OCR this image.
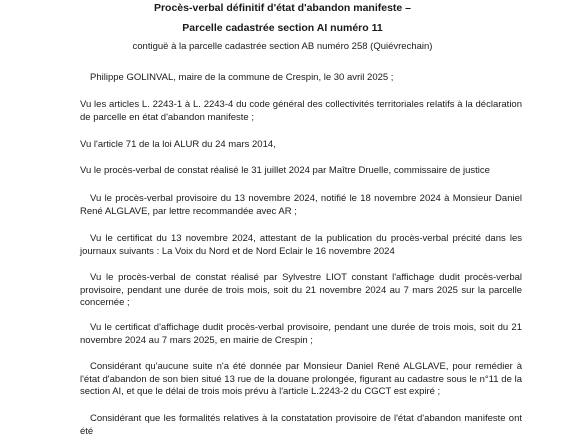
Procès-verbal définitif d'état d'abandon manifeste –
Parcelle cadastrée section AI numéro 11
contiguë à la parcelle cadastrée section AB numéro 258 (Quiévrechain)
Philippe GOLINVAL, maire de la commune de Crespin, le 30 avril 2025 ;
Vu les articles L. 2243-1 à L. 2243-4 du code général des collectivités territoriales relatifs à la déclaration de parcelle en état d'abandon manifeste ;
Vu l'article 71 de la loi ALUR du 24 mars 2014,
Vu le procès-verbal de constat réalisé le 31 juillet 2024 par Maître Druelle, commissaire de justice
Vu le procès-verbal provisoire du 13 novembre 2024, notifié le 18 novembre 2024 à Monsieur Daniel René ALGLAVE, par lettre recommandée avec AR ;
Vu le certificat du 13 novembre 2024, attestant de la publication du procès-verbal précité dans les journaux suivants : La Voix du Nord et de Nord Eclair le 16 novembre 2024
Vu le procès-verbal de constat réalisé par Sylvestre LIOT constant l'affichage dudit procès-verbal provisoire, pendant une durée de trois mois, soit du 21 novembre 2024 au 7 mars 2025 sur la parcelle concernée ;
Vu le certificat d'affichage dudit procès-verbal provisoire, pendant une durée de trois mois, soit du 21 novembre 2024 au 7 mars 2025, en mairie de Crespin ;
Considérant qu'aucune suite n'a été donnée par Monsieur Daniel René ALGLAVE, pour remédier à l'état d'abandon de son bien situé 13 rue de la douane prolongée, figurant au cadastre sous le n°11 de la section AI, et que le délai de trois mois prévu à l'article L.2243-2 du CGCT est expiré ;
Considérant que les formalités relatives à la constatation provisoire de l'état d'abandon manifeste ont été
